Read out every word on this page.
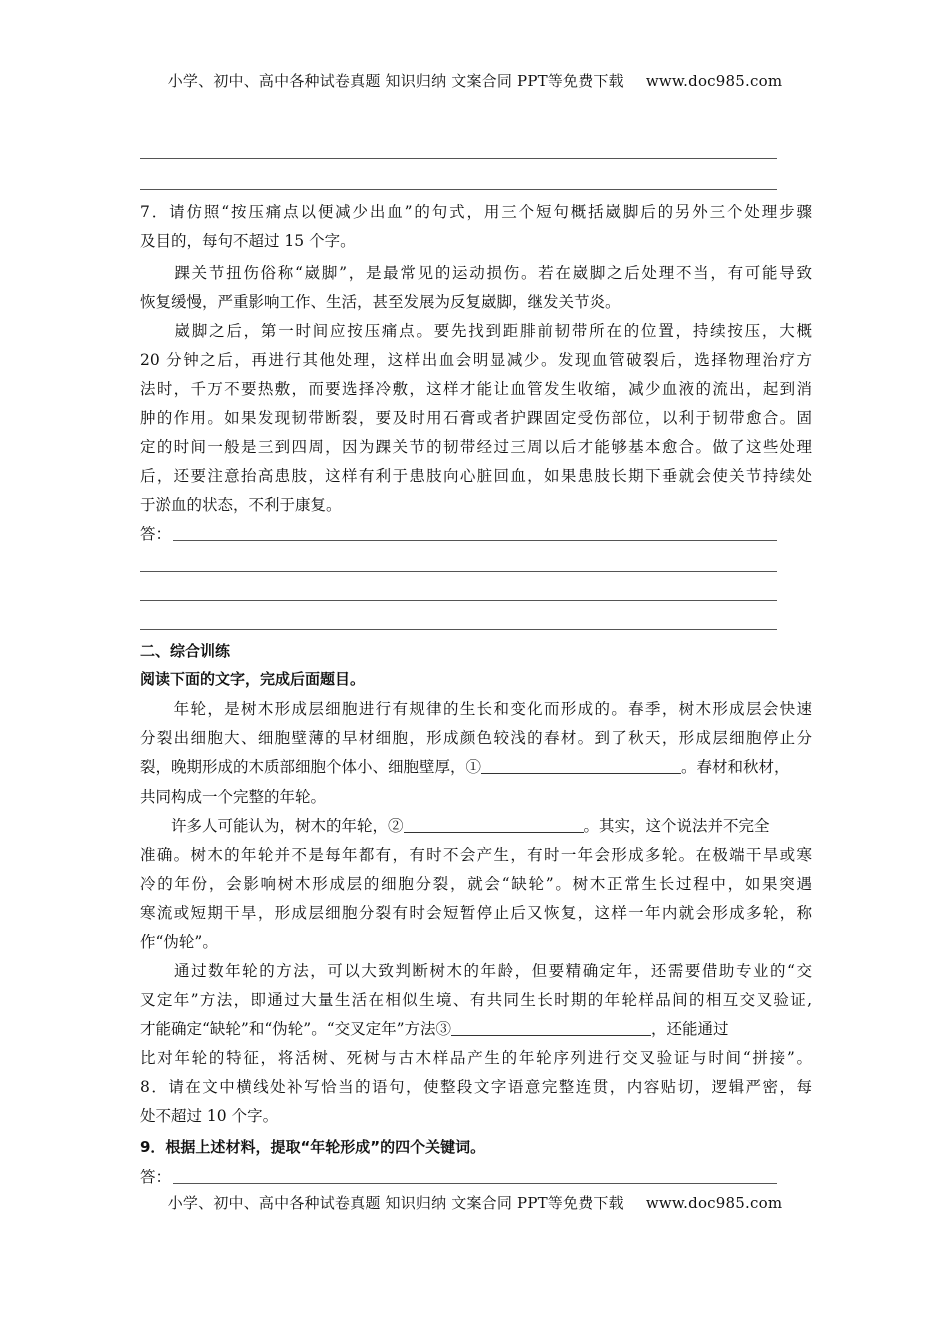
小学、初中、高中各种试卷真题 知识归纳 文案合同 PPT等免费下载 www.doc985.com
7．请仿照“按压痛点以便减少出血”的句式，用三个短句概括崴脚后的另外三个处理步骤
及目的，每句不超过 15 个字。
　　踝关节扭伤俗称“崴脚”，是最常见的运动损伤。若在崴脚之后处理不当，有可能导致
恢复缓慢，严重影响工作、生活，甚至发展为反复崴脚，继发关节炎。
　　崴脚之后，第一时间应按压痛点。要先找到距腓前韧带所在的位置，持续按压，大概
20 分钟之后，再进行其他处理，这样出血会明显减少。发现血管破裂后，选择物理治疗方
法时，千万不要热敷，而要选择冷敷，这样才能让血管发生收缩，减少血液的流出，起到消
肿的作用。如果发现韧带断裂，要及时用石膏或者护踝固定受伤部位，以利于韧带愈合。固
定的时间一般是三到四周，因为踝关节的韧带经过三周以后才能够基本愈合。做了这些处理
后，还要注意抬高患肢，这样有利于患肢向心脏回血，如果患肢长期下垂就会使关节持续处
于淤血的状态，不利于康复。
答：
二、综合训练
阅读下面的文字，完成后面题目。
　　年轮，是树木形成层细胞进行有规律的生长和变化而形成的。春季，树木形成层会快速
分裂出细胞大、细胞壁薄的早材细胞，形成颜色较浅的春材。到了秋天，形成层细胞停止分
裂，晚期形成的木质部细胞个体小、细胞壁厚，①	。春材和秋材，
共同构成一个完整的年轮。
　　许多人可能认为，树木的年轮，②	。其实，这个说法并不完全
准确。树木的年轮并不是每年都有，有时不会产生，有时一年会形成多轮。在极端干旱或寒
冷的年份，会影响树木形成层的细胞分裂，就会“缺轮”。树木正常生长过程中，如果突遇
寒流或短期干旱，形成层细胞分裂有时会短暂停止后又恢复，这样一年内就会形成多轮，称
作“伪轮”。
　　通过数年轮的方法，可以大致判断树木的年龄，但要精确定年，还需要借助专业的“交
叉定年”方法，即通过大量生活在相似生境、有共同生长时期的年轮样品间的相互交叉验证,
才能确定“缺轮”和“伪轮”。“交叉定年”方法③	，还能通过
比对年轮的特征，将活树、死树与古木样品产生的年轮序列进行交叉验证与时间“拼接”。
8．请在文中横线处补写恰当的语句，使整段文字语意完整连贯，内容贴切，逻辑严密，每
处不超过 10 个字。
9．根据上述材料，提取“年轮形成”的四个关键词。
答：
小学、初中、高中各种试卷真题 知识归纳 文案合同 PPT等免费下载 www.doc985.com
